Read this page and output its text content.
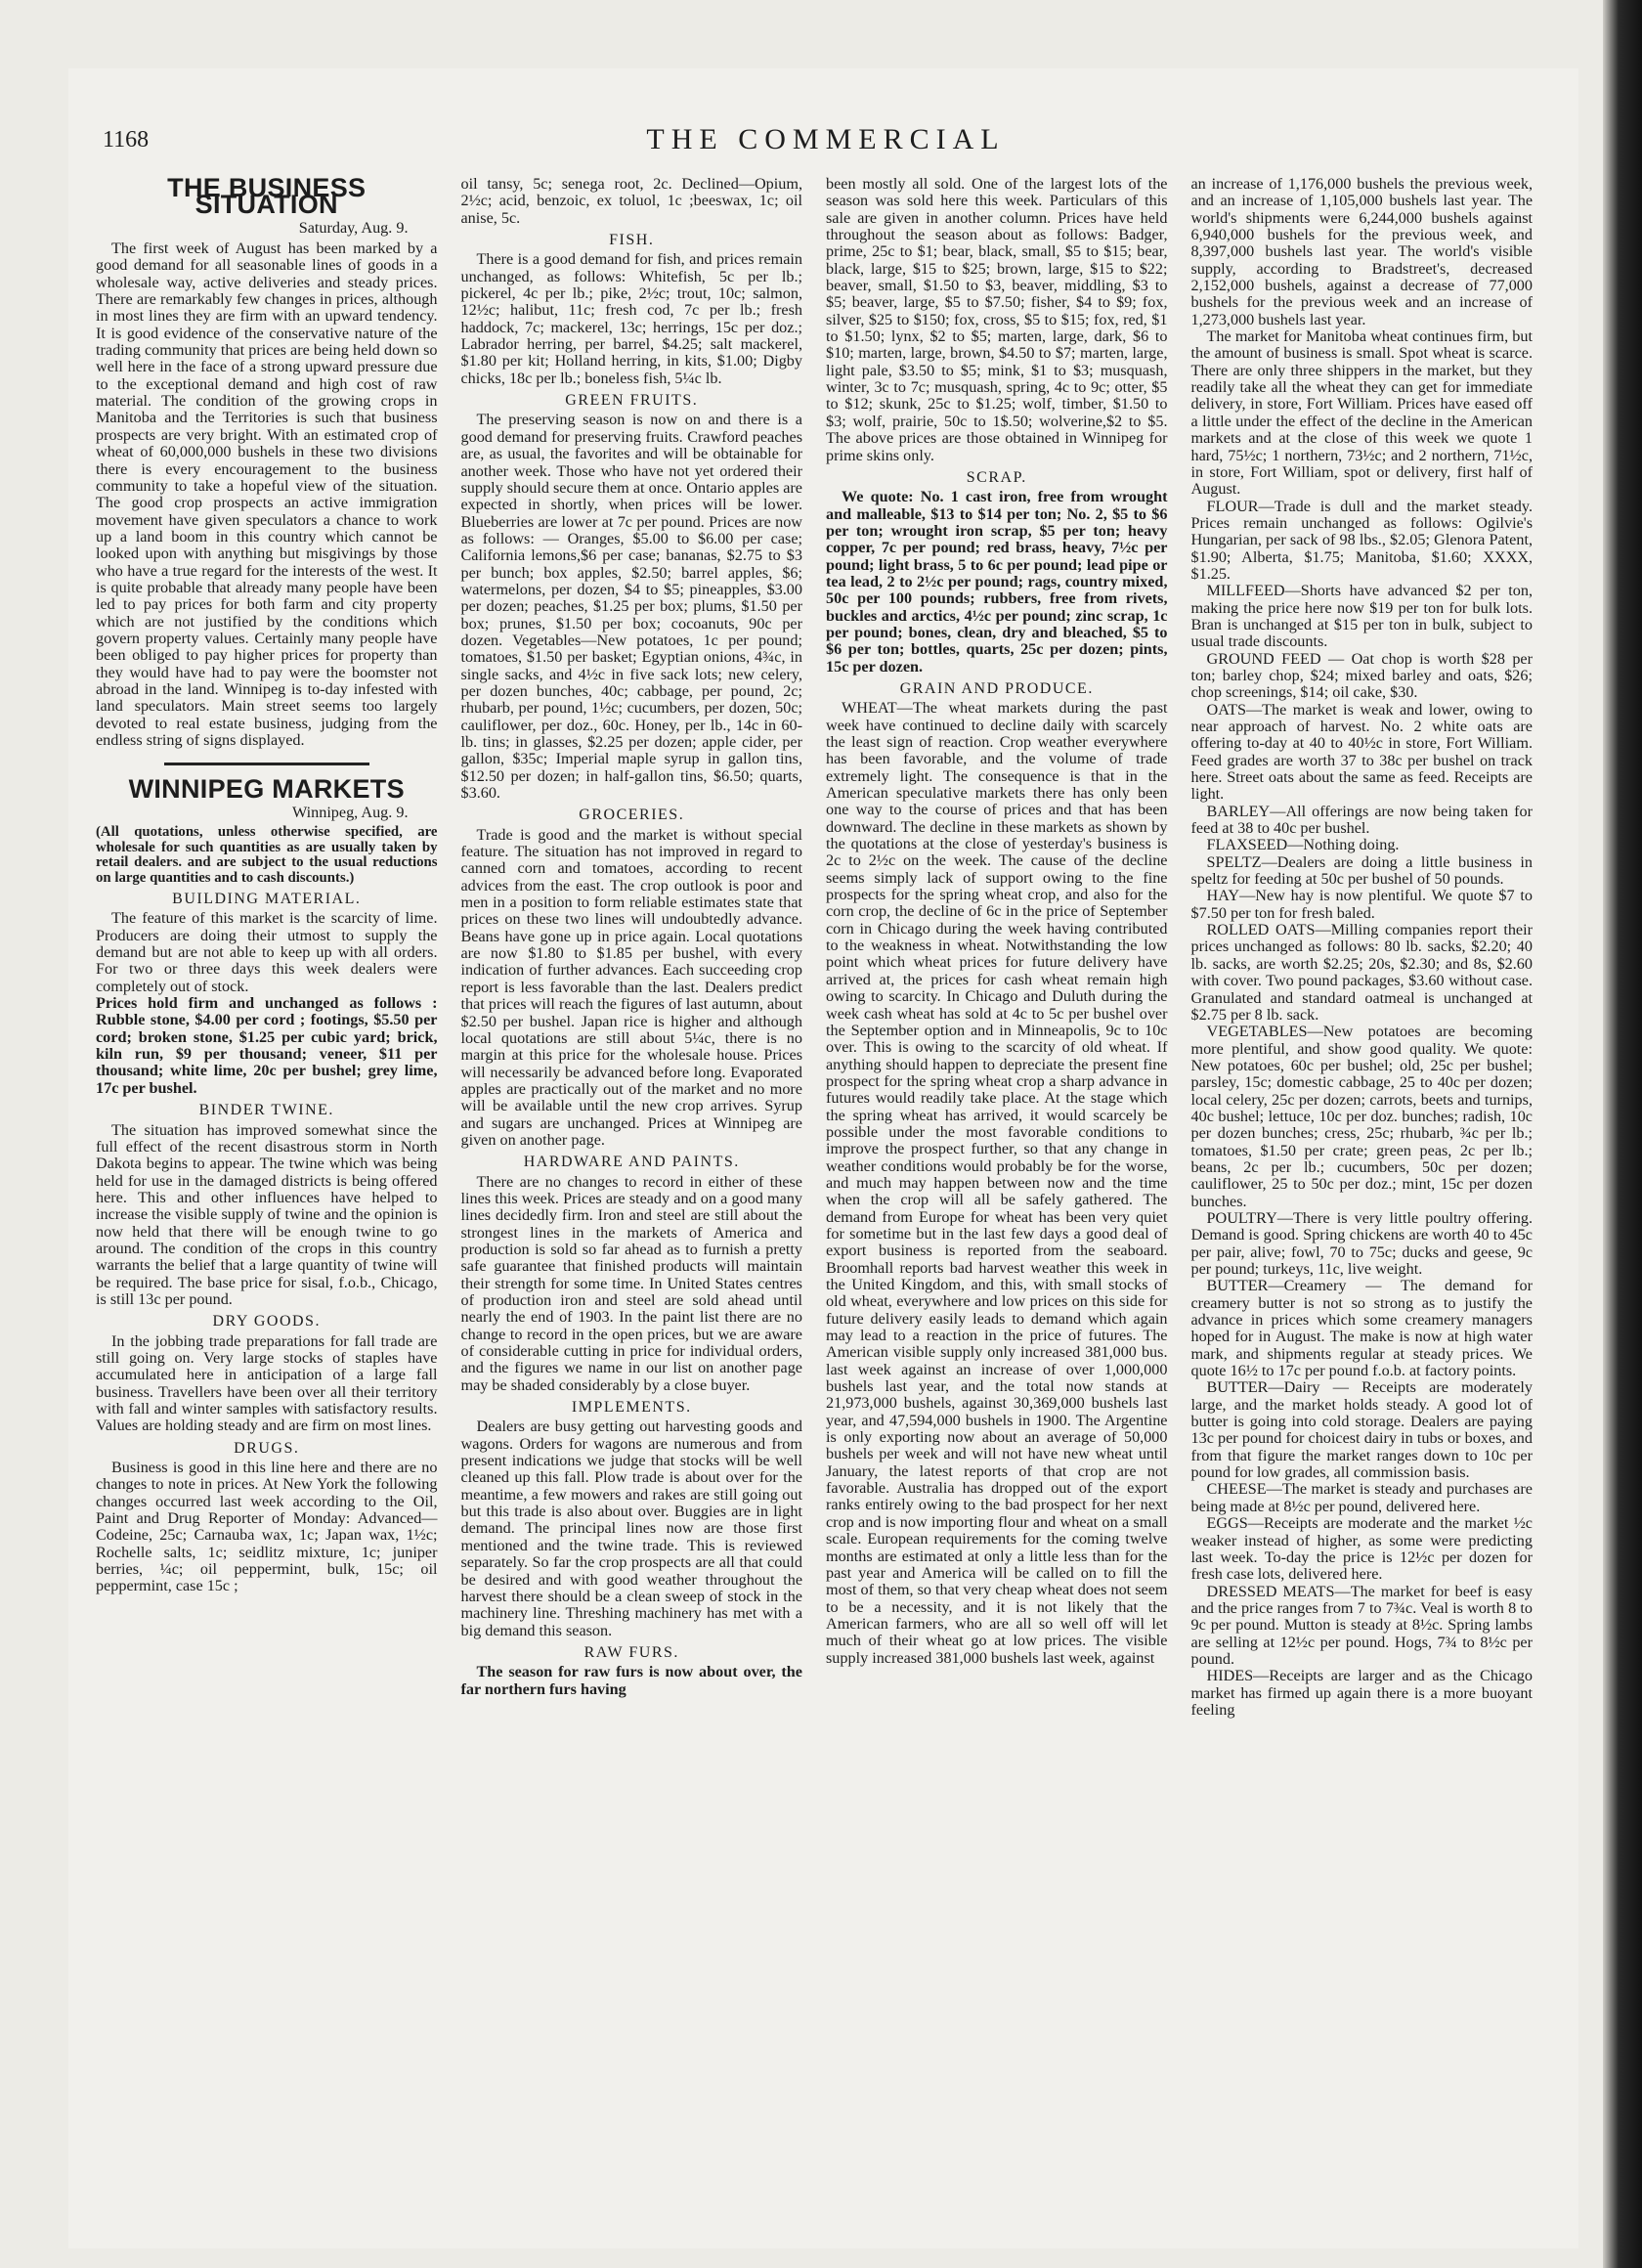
1168	THE COMMERCIAL
THE BUSINESS SITUATION
Saturday, Aug. 9.

The first week of August has been marked by a good demand for all seasonable lines of goods in a wholesale way, active deliveries and steady prices. There are remarkably few changes in prices, although in most lines they are firm with an upward tendency. It is good evidence of the conservative nature of the trading community that prices are being held down so well here in the face of a strong upward pressure due to the exceptional demand and high cost of raw material. The condition of the growing crops in Manitoba and the Territories is such that business prospects are very bright. With an estimated crop of wheat of 60,000,000 bushels in these two divisions there is every encouragement to the business community to take a hopeful view of the situation. The good crop prospects an active immigration movement have given speculators a chance to work up a land boom in this country which cannot be looked upon with anything but misgivings by those who have a true regard for the interests of the west. It is quite probable that already many people have been led to pay prices for both farm and city property which are not justified by the conditions which govern property values. Certainly many people have been obliged to pay higher prices for property than they would have had to pay were the boomster not abroad in the land. Winnipeg is to-day infested with land speculators. Main street seems too largely devoted to real estate business, judging from the endless string of signs displayed.

WINNIPEG MARKETS
Winnipeg, Aug. 9.

(All quotations, unless otherwise specified, are wholesale for such quantities as are usually taken by retail dealers. and are subject to the usual reductions on large quantities and to cash discounts.)

BUILDING MATERIAL.

The feature of this market is the scarcity of lime. Producers are doing their utmost to supply the demand but are not able to keep up with all orders. For two or three days this week dealers were completely out of stock.

Prices hold firm and unchanged as follows : Rubble stone, $4.00 per cord ; footings, $5.50 per cord; broken stone, $1.25 per cubic yard; brick, kiln run, $9 per thousand; veneer, $11 per thousand; white lime, 20c per bushel; grey lime, 17c per bushel.

BINDER TWINE.

The situation has improved somewhat since the full effect of the recent disastrous storm in North Dakota begins to appear. The twine which was being held for use in the damaged districts is being offered here. This and other influences have helped to increase the visible supply of twine and the opinion is now held that there will be enough twine to go around. The condition of the crops in this country warrants the belief that a large quantity of twine will be required. The base price for sisal, f.o.b., Chicago, is still 13c per pound.

DRY GOODS.

In the jobbing trade preparations for fall trade are still going on. Very large stocks of staples have accumulated here in anticipation of a large fall business. Travellers have been over all their territory with fall and winter samples with satisfactory results. Values are holding steady and are firm on most lines.

DRUGS.

Business is good in this line here and there are no changes to note in prices. At New York the following changes occurred last week according to the Oil, Paint and Drug Reporter of Monday: Advanced—Codeine, 25c; Carnauba wax, 1c; Japan wax, 1½c; Rochelle salts, 1c; seidlitz mixture, 1c; juniper berries, ¼c; oil peppermint, bulk, 15c; oil peppermint, case 15c ;

oil tansy, 5c; senega root, 2c. Declined—Opium, 2½c; acid, benzoic, ex toluol, 1c ;beeswax, 1c; oil anise, 5c.

FISH.

There is a good demand for fish, and prices remain unchanged, as follows: Whitefish, 5c per lb.; pickerel, 4c per lb.; pike, 2½c; trout, 10c; salmon, 12½c; halibut, 11c; fresh cod, 7c per lb.; fresh haddock, 7c; mackerel, 13c; herrings, 15c per doz.; Labrador herring, per barrel, $4.25; salt mackerel, $1.80 per kit; Holland herring, in kits, $1.00; Digby chicks, 18c per lb.; boneless fish, 5¼c lb.

GREEN FRUITS.

The preserving season is now on and there is a good demand for preserving fruits. Crawford peaches are, as usual, the favorites and will be obtainable for another week. Those who have not yet ordered their supply should secure them at once. Ontario apples are expected in shortly, when prices will be lower. Blueberries are lower at 7c per pound. Prices are now as follows: — Oranges, $5.00 to $6.00 per case; California lemons,$6 per case; bananas, $2.75 to $3 per bunch; box apples, $2.50; barrel apples, $6; watermelons, per dozen, $4 to $5; pineapples, $3.00 per dozen; peaches, $1.25 per box; plums, $1.50 per box; prunes, $1.50 per box; cocoanuts, 90c per dozen. Vegetables—New potatoes, 1c per pound; tomatoes, $1.50 per basket; Egyptian onions, 4¾c, in single sacks, and 4½c in five sack lots; new celery, per dozen bunches, 40c; cabbage, per pound, 2c; rhubarb, per pound, 1½c; cucumbers, per dozen, 50c; cauliflower, per doz., 60c. Honey, per lb., 14c in 60-lb. tins; in glasses, $2.25 per dozen; apple cider, per gallon, $35c; Imperial maple syrup in gallon tins, $12.50 per dozen; in half-gallon tins, $6.50; quarts, $3.60.

GROCERIES.

Trade is good and the market is without special feature. The situation has not improved in regard to canned corn and tomatoes, according to recent advices from the east. The crop outlook is poor and men in a position to form reliable estimates state that prices on these two lines will undoubtedly advance. Beans have gone up in price again. Local quotations are now $1.80 to $1.85 per bushel, with every indication of further advances. Each succeeding crop report is less favorable than the last. Dealers predict that prices will reach the figures of last autumn, about $2.50 per bushel. Japan rice is higher and although local quotations are still about 5¼c, there is no margin at this price for the wholesale house. Prices will necessarily be advanced before long. Evaporated apples are practically out of the market and no more will be available until the new crop arrives. Syrup and sugars are unchanged. Prices at Winnipeg are given on another page.

HARDWARE AND PAINTS.

There are no changes to record in either of these lines this week. Prices are steady and on a good many lines decidedly firm. Iron and steel are still about the strongest lines in the markets of America and production is sold so far ahead as to furnish a pretty safe guarantee that finished products will maintain their strength for some time. In United States centres of production iron and steel are sold ahead until nearly the end of 1903. In the paint list there are no change to record in the open prices, but we are aware of considerable cutting in price for individual orders, and the figures we name in our list on another page may be shaded considerably by a close buyer.

IMPLEMENTS.

Dealers are busy getting out harvesting goods and wagons. Orders for wagons are numerous and from present indications we judge that stocks will be well cleaned up this fall. Plow trade is about over for the meantime, a few mowers and rakes are still going out but this trade is also about over. Buggies are in light demand. The principal lines now are those first mentioned and the twine trade. This is reviewed separately. So far the crop prospects are all that could be desired and with good weather throughout the harvest there should be a clean sweep of stock in the machinery line. Threshing machinery has met with a big demand this season.

RAW FURS.

The season for raw furs is now about over, the far northern furs having

been mostly all sold. One of the largest lots of the season was sold here this week. Particulars of this sale are given in another column. Prices have held throughout the season about as follows: Badger, prime, 25c to $1; bear, black, small, $5 to $15; bear, black, large, $15 to $25; brown, large, $15 to $22; beaver, small, $1.50 to $3, beaver, middling, $3 to $5; beaver, large, $5 to $7.50; fisher, $4 to $9; fox, silver, $25 to $150; fox, cross, $5 to $15; fox, red, $1 to $1.50; lynx, $2 to $5; marten, large, dark, $6 to $10; marten, large, brown, $4.50 to $7; marten, large, light pale, $3.50 to $5; mink, $1 to $3; musquash, winter, 3c to 7c; musquash, spring, 4c to 9c; otter, $5 to $12; skunk, 25c to $1.25; wolf, timber, $1.50 to $3; wolf, prairie, 50c to 1$.50; wolverine,$2 to $5. The above prices are those obtained in Winnipeg for prime skins only.

SCRAP.

We quote: No. 1 cast iron, free from wrought and malleable, $13 to $14 per ton; No. 2, $5 to $6 per ton; wrought iron scrap, $5 per ton; heavy copper, 7c per pound; red brass, heavy, 7½c per pound; light brass, 5 to 6c per pound; lead pipe or tea lead, 2 to 2½c per pound; rags, country mixed, 50c per 100 pounds; rubbers, free from rivets, buckles and arctics, 4½c per pound; zinc scrap, 1c per pound; bones, clean, dry and bleached, $5 to $6 per ton; bottles, quarts, 25c per dozen; pints, 15c per dozen.

GRAIN AND PRODUCE.

WHEAT—The wheat markets during the past week have continued to decline daily with scarcely the least sign of reaction. Crop weather everywhere has been favorable, and the volume of trade extremely light. The consequence is that in the American speculative markets there has only been one way to the course of prices and that has been downward. The decline in these markets as shown by the quotations at the close of yesterday's business is 2c to 2½c on the week. The cause of the decline seems simply lack of support owing to the fine prospects for the spring wheat crop, and also for the corn crop, the decline of 6c in the price of September corn in Chicago during the week having contributed to the weakness in wheat. Notwithstanding the low point which wheat prices for future delivery have arrived at, the prices for cash wheat remain high owing to scarcity. In Chicago and Duluth during the week cash wheat has sold at 4c to 5c per bushel over the September option and in Minneapolis, 9c to 10c over. This is owing to the scarcity of old wheat. If anything should happen to depreciate the present fine prospect for the spring wheat crop a sharp advance in futures would readily take place. At the stage which the spring wheat has arrived, it would scarcely be possible under the most favorable conditions to improve the prospect further, so that any change in weather conditions would probably be for the worse, and much may happen between now and the time when the crop will all be safely gathered. The demand from Europe for wheat has been very quiet for sometime but in the last few days a good deal of export business is reported from the seaboard. Broomhall reports bad harvest weather this week in the United Kingdom, and this, with small stocks of old wheat, everywhere and low prices on this side for future delivery easily leads to demand which again may lead to a reaction in the price of futures. The American visible supply only increased 381,000 bus. last week against an increase of over 1,000,000 bushels last year, and the total now stands at 21,973,000 bushels, against 30,369,000 bushels last year, and 47,594,000 bushels in 1900. The Argentine is only exporting now about an average of 50,000 bushels per week and will not have new wheat until January, the latest reports of that crop are not favorable. Australia has dropped out of the export ranks entirely owing to the bad prospect for her next crop and is now importing flour and wheat on a small scale. European requirements for the coming twelve months are estimated at only a little less than for the past year and America will be called on to fill the most of them, so that very cheap wheat does not seem to be a necessity, and it is not likely that the American farmers, who are all so well off will let much of their wheat go at low prices. The visible supply increased 381,000 bushels last week, against

an increase of 1,176,000 bushels the previous week, and an increase of 1,105,000 bushels last year. The world's shipments were 6,244,000 bushels against 6,940,000 bushels for the previous week, and 8,397,000 bushels last year. The world's visible supply, according to Bradstreet's, decreased 2,152,000 bushels, against a decrease of 77,000 bushels for the previous week and an increase of 1,273,000 bushels last year.

The market for Manitoba wheat continues firm, but the amount of business is small. Spot wheat is scarce. There are only three shippers in the market, but they readily take all the wheat they can get for immediate delivery, in store, Fort William. Prices have eased off a little under the effect of the decline in the American markets and at the close of this week we quote 1 hard, 75½c; 1 northern, 73½c; and 2 northern, 71½c, in store, Fort William, spot or delivery, first half of August.

FLOUR—Trade is dull and the market steady. Prices remain unchanged as follows: Ogilvie's Hungarian, per sack of 98 lbs., $2.05; Glenora Patent, $1.90; Alberta, $1.75; Manitoba, $1.60; XXXX, $1.25.

MILLFEED—Shorts have advanced $2 per ton, making the price here now $19 per ton for bulk lots. Bran is unchanged at $15 per ton in bulk, subject to usual trade discounts.

GROUND FEED — Oat chop is worth $28 per ton; barley chop, $24; mixed barley and oats, $26; chop screenings, $14; oil cake, $30.

OATS—The market is weak and lower, owing to near approach of harvest. No. 2 white oats are offering to-day at 40 to 40½c in store, Fort William. Feed grades are worth 37 to 38c per bushel on track here. Street oats about the same as feed. Receipts are light.

BARLEY—All offerings are now being taken for feed at 38 to 40c per bushel.

FLAXSEED—Nothing doing.

SPELTZ—Dealers are doing a little business in speltz for feeding at 50c per bushel of 50 pounds.

HAY—New hay is now plentiful. We quote $7 to $7.50 per ton for fresh baled.

ROLLED OATS—Milling companies report their prices unchanged as follows: 80 lb. sacks, $2.20; 40 lb. sacks, are worth $2.25; 20s, $2.30; and 8s, $2.60 with cover. Two pound packages, $3.60 without case. Granulated and standard oatmeal is unchanged at $2.75 per 8 lb. sack.

VEGETABLES—New potatoes are becoming more plentiful, and show good quality. We quote: New potatoes, 60c per bushel; old, 25c per bushel; parsley, 15c; domestic cabbage, 25 to 40c per dozen; local celery, 25c per dozen; carrots, beets and turnips, 40c bushel; lettuce, 10c per doz. bunches; radish, 10c per dozen bunches; cress, 25c; rhubarb, ¾c per lb.; tomatoes, $1.50 per crate; green peas, 2c per lb.; beans, 2c per lb.; cucumbers, 50c per dozen; cauliflower, 25 to 50c per doz.; mint, 15c per dozen bunches.

POULTRY—There is very little poultry offering. Demand is good. Spring chickens are worth 40 to 45c per pair, alive; fowl, 70 to 75c; ducks and geese, 9c per pound; turkeys, 11c, live weight.

BUTTER—Creamery — The demand for creamery butter is not so strong as to justify the advance in prices which some creamery managers hoped for in August. The make is now at high water mark, and shipments regular at steady prices. We quote 16½ to 17c per pound f.o.b. at factory points.

BUTTER—Dairy — Receipts are moderately large, and the market holds steady. A good lot of butter is going into cold storage. Dealers are paying 13c per pound for choicest dairy in tubs or boxes, and from that figure the market ranges down to 10c per pound for low grades, all commission basis.

CHEESE—The market is steady and purchases are being made at 8½c per pound, delivered here.

EGGS—Receipts are moderate and the market ½c weaker instead of higher, as some were predicting last week. To-day the price is 12½c per dozen for fresh case lots, delivered here.

DRESSED MEATS—The market for beef is easy and the price ranges from 7 to 7¾c. Veal is worth 8 to 9c per pound. Mutton is steady at 8½c. Spring lambs are selling at 12½c per pound. Hogs, 7¾ to 8½c per pound.

HIDES—Receipts are larger and as the Chicago market has firmed up again there is a more buoyant feeling
